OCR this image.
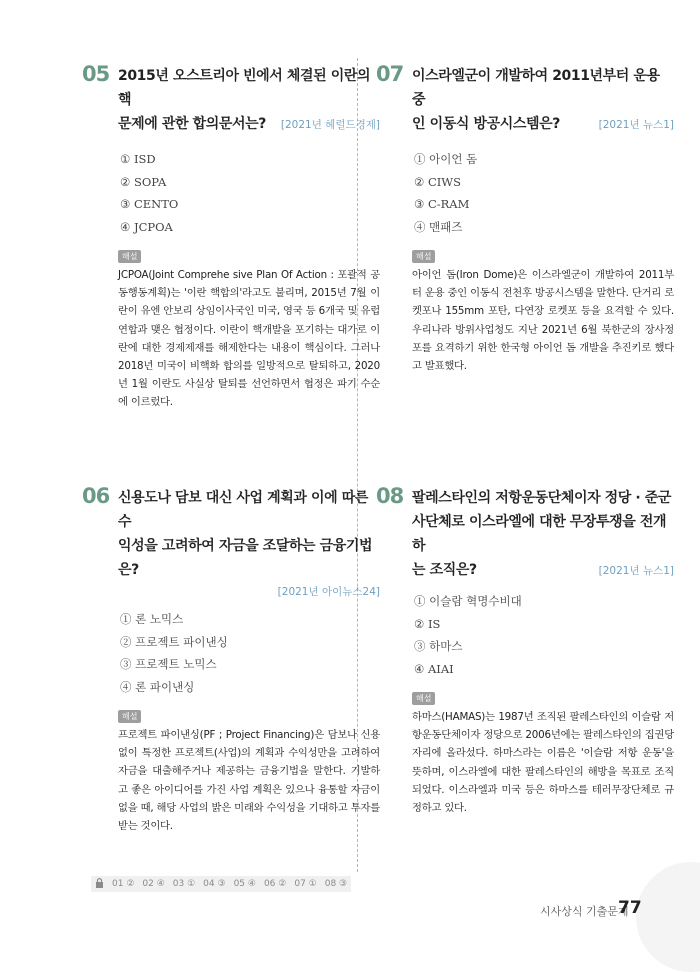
05 2015년 오스트리아 빈에서 체결된 이란의 핵
문제에 관한 합의문서는? [2021년 헤럴드경제]
① ISD
② SOPA
③ CENTO
④ JCPOA
해설
JCPOA(Joint Comprehe sive Plan Of Action : 포괄적 공동행동계획)는 '이란 핵합의'라고도 불리며, 2015년 7월 이란이 유엔 안보리 상임이사국인 미국, 영국 등 6개국 및 유럽 연합과 맺은 협정이다. 이란이 핵개발을 포기하는 대가로 이란에 대한 경제제재를 해제한다는 내용이 핵심이다. 그러나 2018년 미국이 비핵화 합의를 일방적으로 탈퇴하고, 2020년 1월 이란도 사실상 탈퇴를 선언하면서 협정은 파기 수순에 이르렀다.
07 이스라엘군이 개발하여 2011년부터 운용 중
인 이동식 방공시스템은?	[2021년 뉴스1]
① 아이언 돔
② CIWS
③ C-RAM
④ 맨패즈
해설
아이언 돔(Iron Dome)은 이스라엘군이 개발하여 2011부터 운용 중인 이동식 전천후 방공시스템을 말한다. 단거리 로켓포나 155mm 포탄, 다연장 로켓포 등을 요격할 수 있다. 우리나라 방위사업청도 지난 2021년 6월 북한군의 장사정포를 요격하기 위한 한국형 아이언 돔 개발을 추진키로 했다고 발표했다.
06 신용도나 담보 대신 사업 계획과 이에 따른 수
익성을 고려하여 자금을 조달하는 금융기법은?
[2021년 아이뉴스24]
① 론 노믹스
② 프로젝트 파이낸싱
③ 프로젝트 노믹스
④ 론 파이낸싱
해설
프로젝트 파이낸싱(PF ; Project Financing)은 담보나 신용 없이 특정한 프로젝트(사업)의 계획과 수익성만을 고려하여 자금을 대출해주거나 제공하는 금융기법을 말한다. 기발하고 좋은 아이디어를 가진 사업 계획은 있으나 융통할 자금이 없을 때, 해당 사업의 밝은 미래와 수익성을 기대하고 투자를 받는 것이다.
08 팔레스타인의 저항운동단체이자 정당 · 준군
사단체로 이스라엘에 대한 무장투쟁을 전개하
는 조직은?	[2021년 뉴스1]
① 이슬람 혁명수비대
② IS
③ 하마스
④ AIAI
해설
하마스(HAMAS)는 1987년 조직된 팔레스타인의 이슬람 저항운동단체이자 정당으로 2006년에는 팔레스타인의 집권당 자리에 올라섰다. 하마스라는 이름은 '이슬람 저항 운동'을 뜻하며, 이스라엘에 대한 팔레스타인의 해방을 목표로 조직되었다. 이스라엘과 미국 등은 하마스를 테러무장단체로 규정하고 있다.
01 ② 02 ④ 03 ① 04 ③ 05 ④ 06 ② 07 ① 08 ③
시사상식 기출문제
77
